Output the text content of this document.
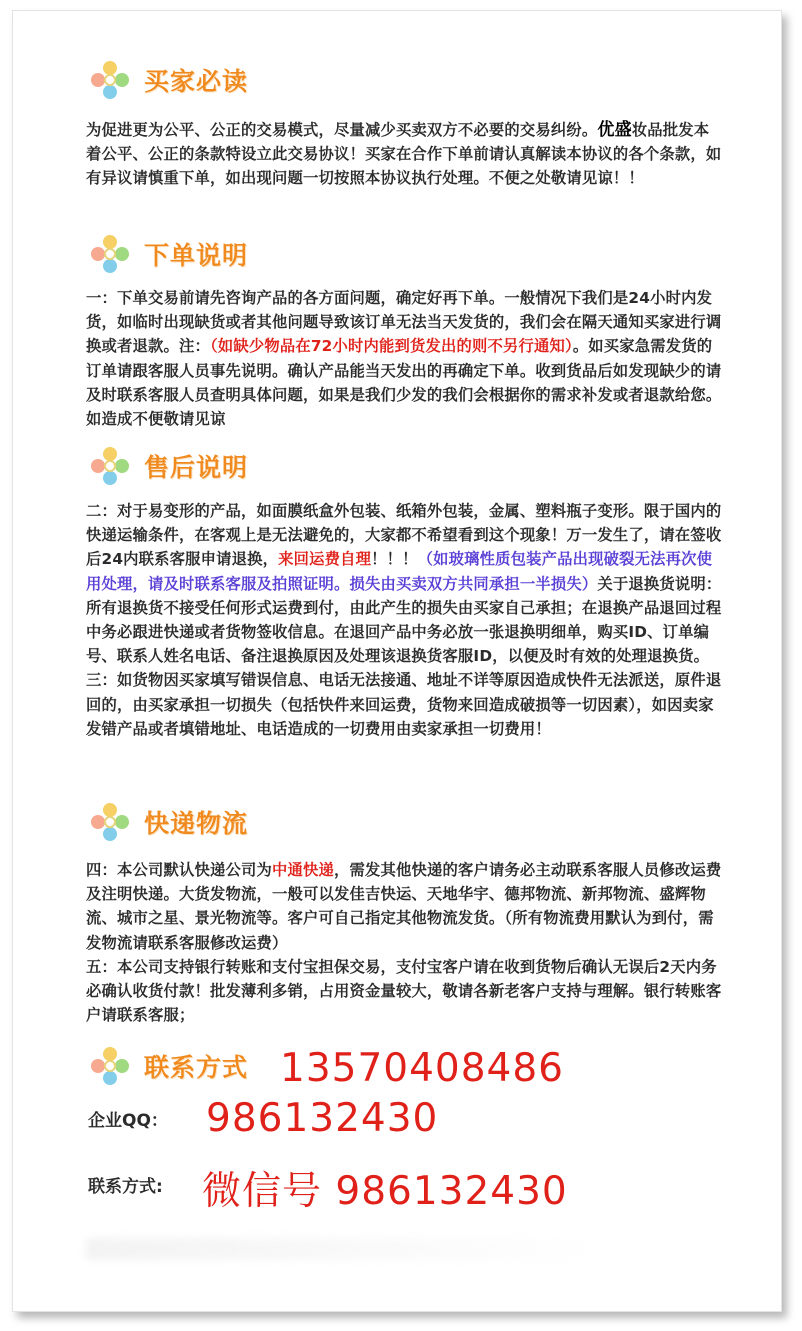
买家必读
为促进更为公平、公正的交易模式，尽量减少买卖双方不必要的交易纠纷。优盛妆品批发本着公平、公正的条款特设立此交易协议！买家在合作下单前请认真解读本协议的各个条款，如有异议请慎重下单，如出现问题一切按照本协议执行处理。不便之处敬请见谅！！
下单说明
一：下单交易前请先咨询产品的各方面问题，确定好再下单。一般情况下我们是24小时内发货，如临时出现缺货或者其他问题导致该订单无法当天发货的，我们会在隔天通知买家进行调换或者退款。注：（如缺少物品在72小时内能到货发出的则不另行通知）。如买家急需发货的订单请跟客服人员事先说明。确认产品能当天发出的再确定下单。收到货品后如发现缺少的请及时联系客服人员查明具体问题，如果是我们少发的我们会根据你的需求补发或者退款给您。如造成不便敬请见谅
售后说明
二：对于易变形的产品，如面膜纸盒外包装、纸箱外包装，金属、塑料瓶子变形。限于国内的快递运输条件，在客观上是无法避免的，大家都不希望看到这个现象！万一发生了，请在签收后24内联系客服申请退换，来回运费自理！！！（如玻璃性质包装产品出现破裂无法再次使用处理，请及时联系客服及拍照证明。损失由买卖双方共同承担一半损失）关于退换货说明：所有退换货不接受任何形式运费到付，由此产生的损失由买家自己承担；在退换产品退回过程中务必跟进快递或者货物签收信息。在退回产品中务必放一张退换明细单，购买ID、订单编号、联系人姓名电话、备注退换原因及处理该退换货客服ID，以便及时有效的处理退换货。
三：如货物因买家填写错误信息、电话无法接通、地址不详等原因造成快件无法派送，原件退回的，由买家承担一切损失（包括快件来回运费，货物来回造成破损等一切因素），如因卖家发错产品或者填错地址、电话造成的一切费用由卖家承担一切费用！
快递物流
四：本公司默认快递公司为中通快递，需发其他快递的客户请务必主动联系客服人员修改运费及注明快递。大货发物流，一般可以发佳吉快运、天地华宇、德邦物流、新邦物流、盛辉物流、城市之星、景光物流等。客户可自己指定其他物流发货。（所有物流费用默认为到付，需发物流请联系客服修改运费）
五：本公司支持银行转账和支付宝担保交易，支付宝客户请在收到货物后确认无误后2天内务必确认收货付款！批发薄利多销，占用资金量较大，敬请各新老客户支持与理解。银行转账客户请联系客服；
联系方式 13570408486
企业QQ： 986132430
联系方式: 微信号 986132430
